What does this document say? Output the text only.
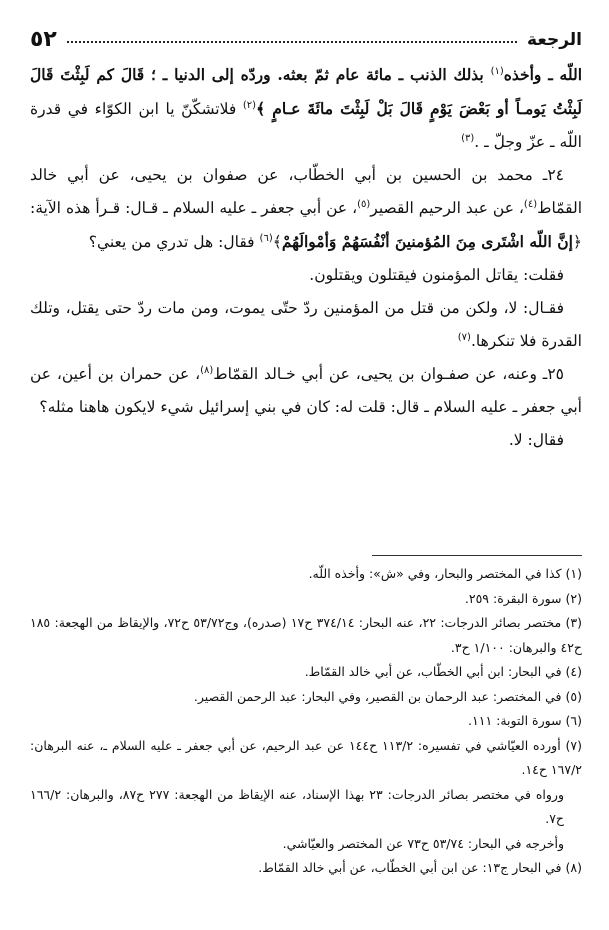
الرجعة
٥٢

اللّه ـ وأخذه$^{(١)}$ بذلك الذنب ـ مائة عام ثمّ بعثه. وردّه إلى الدنيا ـ ؛ قَالَ كم لَبِثْتَ قَالَ لَبِثْتُ يَومـاً أو بَعْضَ يَوْمٍ قَالَ بَلْ لَبِثْتَ مائَةَ عـامٍ ﴾$^{(٢)}$ فلاتشكّنّ يا ابن الكوّاء في قدرة اللّه ـ عزّ وجلّ ـ .$^{(٣)}$

٢٤ـ محمد بن الحسين بن أبي الخطّاب، عن صفوان بن يحيى، عن أبي خالد القمّاط$^{(٤)}$، عن عبد الرحيم القصير$^{(٥)}$، عن أبي جعفر ـ عليه السلام ـ قـال: قـرأ هذه الآية: ﴿إنَّ اللّه اشْتَرى مِنَ المُؤمنينَ أنْفُسَهُمْ وَأمْوالَهُمْ﴾$^{(٦)}$ فقال: هل تدري من يعني؟

فقلت: يقاتل المؤمنون فيقتلون ويقتلون.

فقـال: لا، ولكن من قتل من المؤمنين ردّ حتّى يموت، ومن مات ردّ حتى يقتل، وتلك القدرة فلا تنكرها.$^{(٧)}$

٢٥ـ وعنه، عن صفـوان بن يحيى، عن أبي خـالد القمّاط$^{(٨)}$، عن حمران بن أعين، عن أبي جعفر ـ عليه السلام ـ قال: قلت له: كان في بني إسرائيل شيء لايكون هاهنا مثله؟

فقال: لا.

(١) كذا في المختصر والبحار، وفي «ش»: وأخذه اللّه.

(٢) سورة البقرة: ٢٥٩.

(٣) مختصر بصائر الدرجات: ٢٢، عنه البحار: ٣٧٤/١٤ ح١٧ (صدره)، وج٥٣/٧٢ ح٧٢، والإيقاظ من الهجعة: ١٨٥ ح٤٢ والبرهان: ١/١٠٠ ح٣.

(٤) في البحار: ابن أبي الخطّاب، عن أبي خالد القمّاط.

(٥) في المختصر: عبد الرحمان بن القصير، وفي البحار: عبد الرحمن القصير.

(٦) سورة التوبة: ١١١.

(٧) أورده العيّاشي في تفسيره: ١١٣/٢ ح١٤٤ عن عبد الرحيم، عن أبي جعفر ـ عليه السلام ـ، عنه البرهان: ١٦٧/٢ ح١٤.

ورواه في مختصر بصائر الدرجات: ٢٣ بهذا الإسناد، عنه الإيقاظ من الهجعة: ٢٧٧ ح٨٧، والبرهان: ١٦٦/٢ ح٧.

وأخرجه في البحار: ٥٣/٧٤ ح٧٣ عن المختصر والعيّاشي.

(٨) في البحار ج١٣: عن ابن أبي الخطّاب، عن أبي خالد القمّاط.
